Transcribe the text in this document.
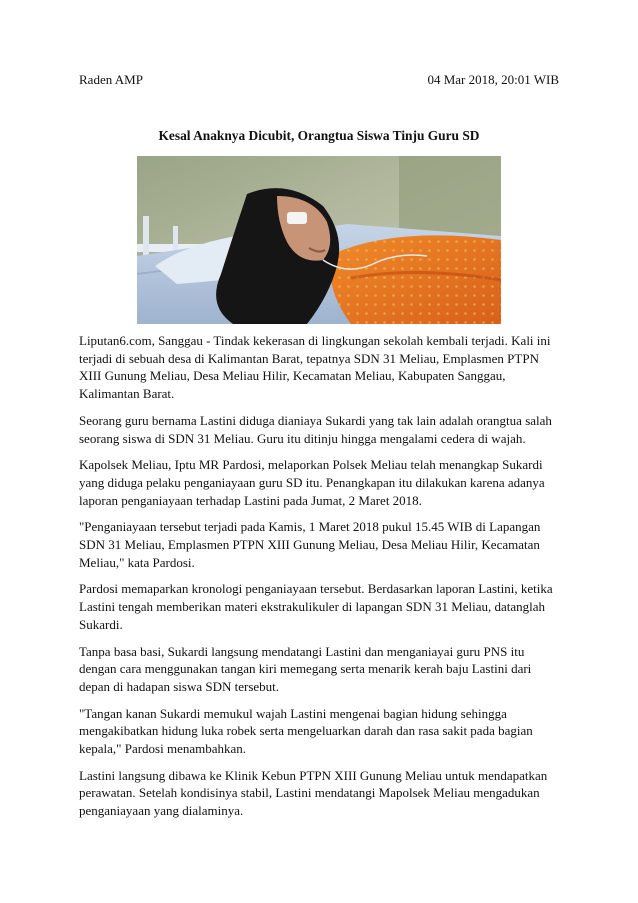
Raden AMP	04 Mar 2018, 20:01 WIB
Kesal Anaknya Dicubit, Orangtua Siswa Tinju Guru SD

Liputan6.com, Sanggau - Tindak kekerasan di lingkungan sekolah kembali terjadi. Kali ini terjadi di sebuah desa di Kalimantan Barat, tepatnya SDN 31 Meliau, Emplasmen PTPN XIII Gunung Meliau, Desa Meliau Hilir, Kecamatan Meliau, Kabupaten Sanggau, Kalimantan Barat.

Seorang guru bernama Lastini diduga dianiaya Sukardi yang tak lain adalah orangtua salah seorang siswa di SDN 31 Meliau. Guru itu ditinju hingga mengalami cedera di wajah.

Kapolsek Meliau, Iptu MR Pardosi, melaporkan Polsek Meliau telah menangkap Sukardi yang diduga pelaku penganiayaan guru SD itu. Penangkapan itu dilakukan karena adanya laporan penganiayaan terhadap Lastini pada Jumat, 2 Maret 2018.

"Penganiayaan tersebut terjadi pada Kamis, 1 Maret 2018 pukul 15.45 WIB di Lapangan SDN 31 Meliau, Emplasmen PTPN XIII Gunung Meliau, Desa Meliau Hilir, Kecamatan Meliau," kata Pardosi.

Pardosi memaparkan kronologi penganiayaan tersebut. Berdasarkan laporan Lastini, ketika Lastini tengah memberikan materi ekstrakulikuler di lapangan SDN 31 Meliau, datanglah Sukardi.

Tanpa basa basi, Sukardi langsung mendatangi Lastini dan menganiayai guru PNS itu dengan cara menggunakan tangan kiri memegang serta menarik kerah baju Lastini dari depan di hadapan siswa SDN tersebut.

"Tangan kanan Sukardi memukul wajah Lastini mengenai bagian hidung sehingga mengakibatkan hidung luka robek serta mengeluarkan darah dan rasa sakit pada bagian kepala," Pardosi menambahkan.

Lastini langsung dibawa ke Klinik Kebun PTPN XIII Gunung Meliau untuk mendapatkan perawatan. Setelah kondisinya stabil, Lastini mendatangi Mapolsek Meliau mengadukan penganiayaan yang dialaminya.
